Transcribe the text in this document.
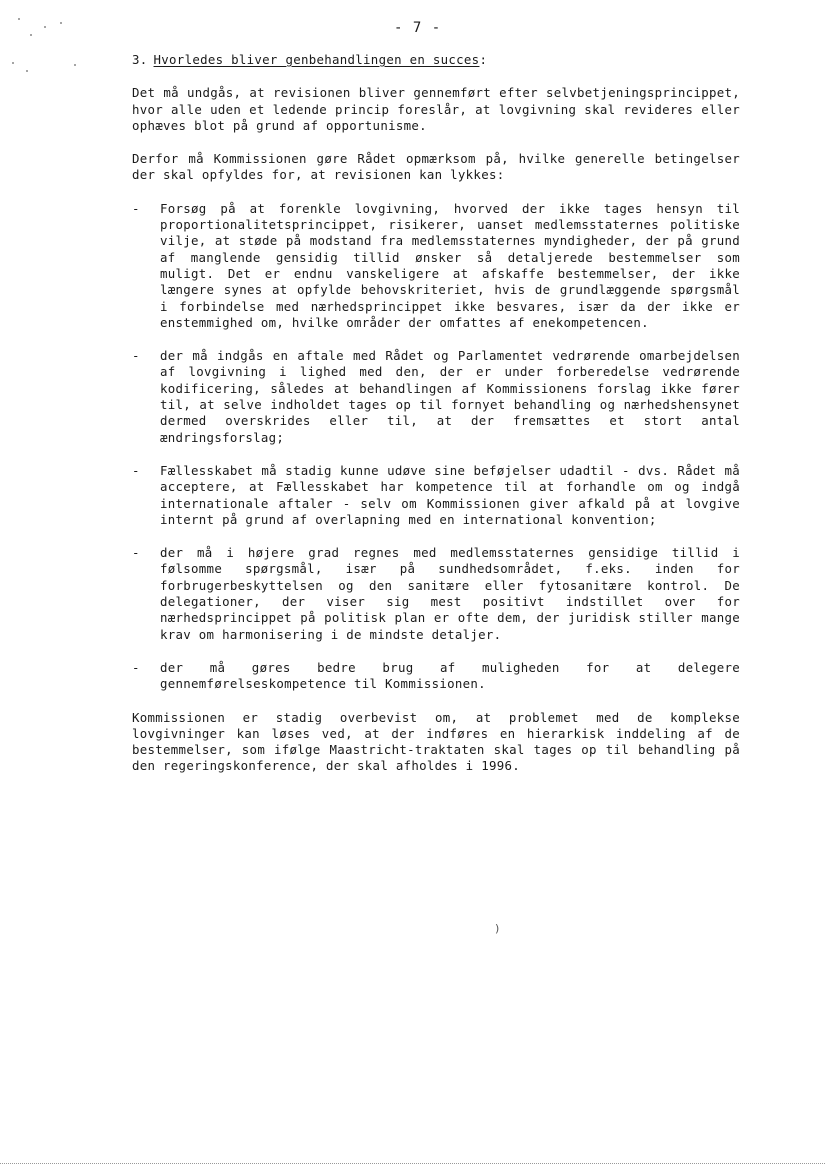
- 7 -
3. Hvorledes bliver genbehandlingen en succes:

Det må undgås, at revisionen bliver gennemført efter selvbetjeningsprincippet, hvor alle uden et ledende princip foreslår, at lovgivning skal revideres eller ophæves blot på grund af opportunisme.

Derfor må Kommissionen gøre Rådet opmærksom på, hvilke generelle betingelser der skal opfyldes for, at revisionen kan lykkes:

- Forsøg på at forenkle lovgivning, hvorved der ikke tages hensyn til proportionalitetsprincippet, risikerer, uanset medlemsstaternes politiske vilje, at støde på modstand fra medlemsstaternes myndigheder, der på grund af manglende gensidig tillid ønsker så detaljerede bestemmelser som muligt. Det er endnu vanskeligere at afskaffe bestemmelser, der ikke længere synes at opfylde behovskriteriet, hvis de grundlæggende spørgsmål i forbindelse med nærhedsprincippet ikke besvares, især da der ikke er enstemmighed om, hvilke områder der omfattes af enekompetencen.
- der må indgås en aftale med Rådet og Parlamentet vedrørende omarbejdelsen af lovgivning i lighed med den, der er under forberedelse vedrørende kodificering, således at behandlingen af Kommissionens forslag ikke fører til, at selve indholdet tages op til fornyet behandling og nærhedshensynet dermed overskrides eller til, at der fremsættes et stort antal ændringsforslag;
- Fællesskabet må stadig kunne udøve sine beføjelser udadtil - dvs. Rådet må acceptere, at Fællesskabet har kompetence til at forhandle om og indgå internationale aftaler - selv om Kommissionen giver afkald på at lovgive internt på grund af overlapning med en international konvention;
- der må i højere grad regnes med medlemsstaternes gensidige tillid i følsomme spørgsmål, især på sundhedsområdet, f.eks. inden for forbrugerbeskyttelsen og den sanitære eller fytosanitære kontrol. De delegationer, der viser sig mest positivt indstillet over for nærhedsprincippet på politisk plan er ofte dem, der juridisk stiller mange krav om harmonisering i de mindste detaljer.
- der må gøres bedre brug af muligheden for at delegere gennemførelseskompetence til Kommissionen.

Kommissionen er stadig overbevist om, at problemet med de komplekse lovgivninger kan løses ved, at der indføres en hierarkisk inddeling af de bestemmelser, som ifølge Maastricht-traktaten skal tages op til behandling på den regeringskonference, der skal afholdes i 1996.

)
